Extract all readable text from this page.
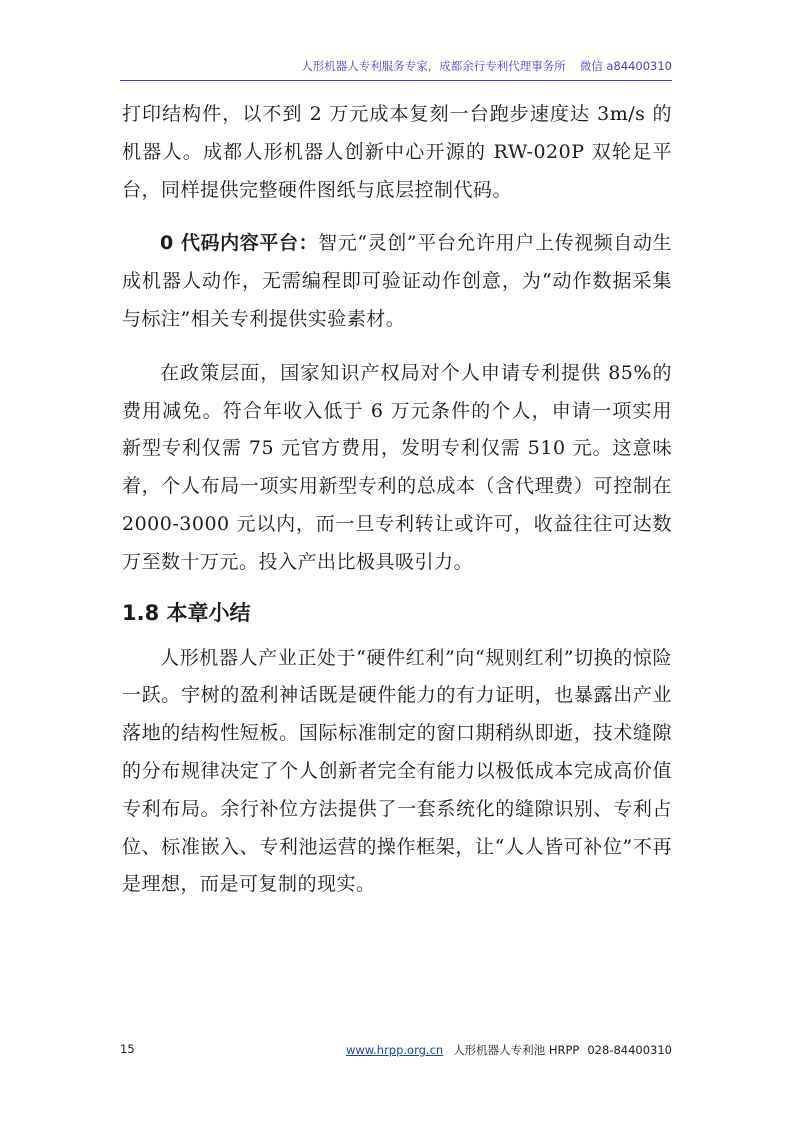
人形机器人专利服务专家，成都余行专利代理事务所 微信 a84400310

打印结构件，以不到 2 万元成本复刻一台跑步速度达 3m/s 的机器人。成都人形机器人创新中心开源的 RW-020P 双轮足平台，同样提供完整硬件图纸与底层控制代码。

0 代码内容平台：智元“灵创”平台允许用户上传视频自动生成机器人动作，无需编程即可验证动作创意，为“动作数据采集与标注”相关专利提供实验素材。

在政策层面，国家知识产权局对个人申请专利提供 85%的费用减免。符合年收入低于 6 万元条件的个人，申请一项实用新型专利仅需 75 元官方费用，发明专利仅需 510 元。这意味着，个人布局一项实用新型专利的总成本（含代理费）可控制在 2000-3000 元以内，而一旦专利转让或许可，收益往往可达数万至数十万元。投入产出比极具吸引力。

1.8 本章小结

人形机器人产业正处于“硬件红利”向“规则红利”切换的惊险一跃。宇树的盈利神话既是硬件能力的有力证明，也暴露出产业落地的结构性短板。国际标准制定的窗口期稍纵即逝，技术缝隙的分布规律决定了个人创新者完全有能力以极低成本完成高价值专利布局。余行补位方法提供了一套系统化的缝隙识别、专利占位、标准嵌入、专利池运营的操作框架，让“人人皆可补位”不再是理想，而是可复制的现实。

15	www.hrpp.org.cn 人形机器人专利池 HRPP 028-84400310
